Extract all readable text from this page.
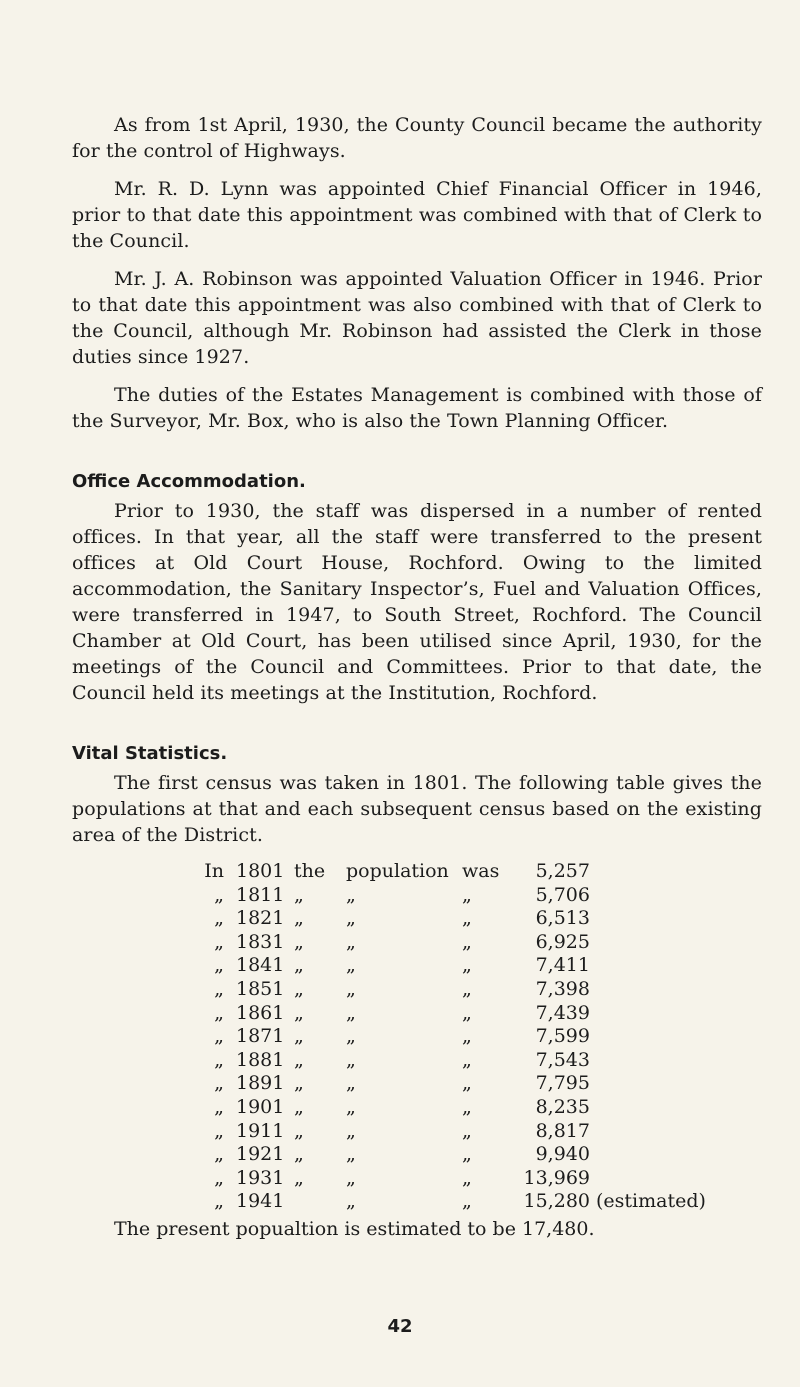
As from 1st April, 1930, the County Council became the authority for the control of Highways.

Mr. R. D. Lynn was appointed Chief Financial Officer in 1946, prior to that date this appointment was combined with that of Clerk to the Council.

Mr. J. A. Robinson was appointed Valuation Officer in 1946. Prior to that date this appointment was also combined with that of Clerk to the Council, although Mr. Robinson had assisted the Clerk in those duties since 1927.

The duties of the Estates Management is combined with those of the Surveyor, Mr. Box, who is also the Town Planning Officer.

Office Accommodation.

Prior to 1930, the staff was dispersed in a number of rented offices. In that year, all the staff were transferred to the present offices at Old Court House, Rochford. Owing to the limited accommodation, the Sanitary Inspector’s, Fuel and Valuation Offices, were transferred in 1947, to South Street, Rochford. The Council Chamber at Old Court, has been utilised since April, 1930, for the meetings of the Council and Committees. Prior to that date, the Council held its meetings at the Institution, Rochford.

Vital Statistics.

The first census was taken in 1801. The following table gives the populations at that and each subsequent census based on the existing area of the District.

In	1801	the	population	was	5,257	
„	1811	„	„	„	5,706	
„	1821	„	„	„	6,513	
„	1831	„	„	„	6,925	
„	1841	„	„	„	7,411	
„	1851	„	„	„	7,398	
„	1861	„	„	„	7,439	
„	1871	„	„	„	7,599	
„	1881	„	„	„	7,543	
„	1891	„	„	„	7,795	
„	1901	„	„	„	8,235	
„	1911	„	„	„	8,817	
„	1921	„	„	„	9,940	
„	1931	„	„	„	13,969	
„	1941		„	„	15,280	(estimated)

The present popualtion is estimated to be 17,480.

42
